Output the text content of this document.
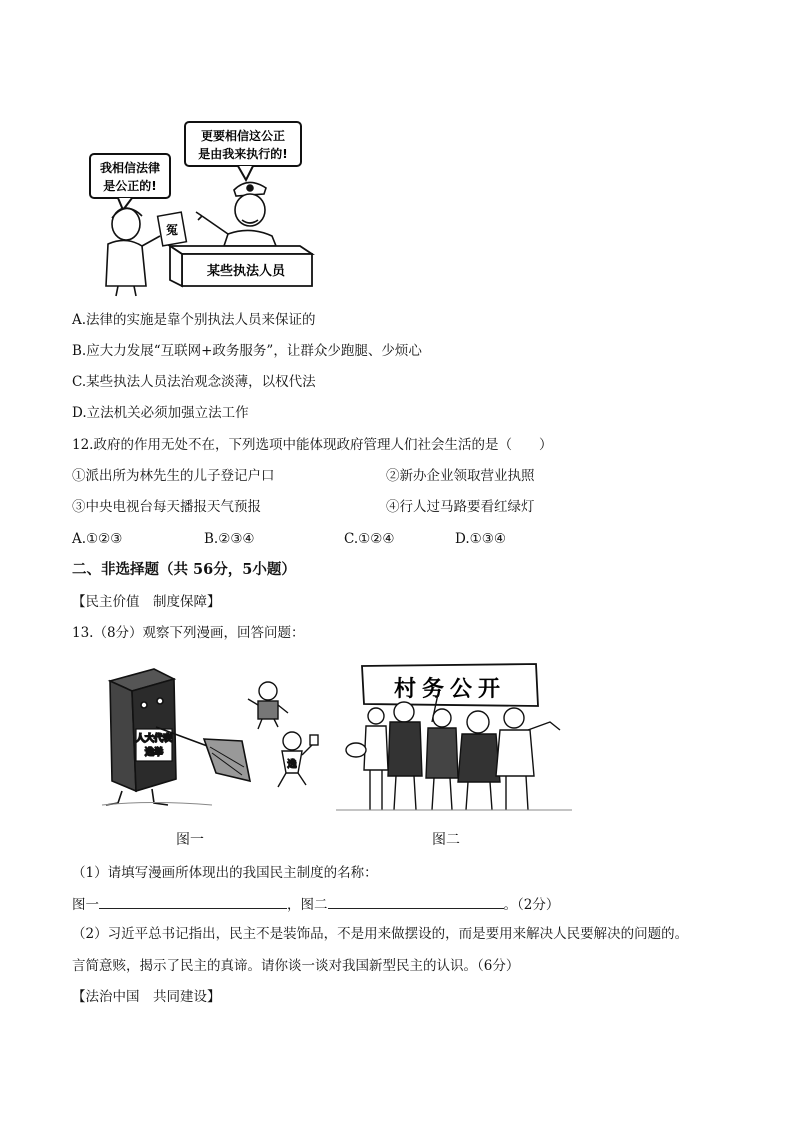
更要相信这公正
是由我来执行的!
我相信法律
是公正的!
冤
某些执法人员
A.法律的实施是靠个别执法人员来保证的
B.应大力发展“互联网+政务服务”，让群众少跑腿、少烦心
C.某些执法人员法治观念淡薄，以权代法
D.立法机关必须加强立法工作
12.政府的作用无处不在，下列选项中能体现政府管理人们社会生活的是（　　）
①派出所为林先生的儿子登记户口	②新办企业领取营业执照
③中央电视台每天播报天气预报	④行人过马路要看红绿灯
A.①②③	B.②③④	C.①②④	D.①③④
二、非选择题（共 56分，5小题）
【民主价值　制度保障】
13.（8分）观察下列漫画，回答问题：
人大代表
选举
选
村务公开
图一	图二
（1）请填写漫画所体现出的我国民主制度的名称：
图一	，图二	。（2分）
（2）习近平总书记指出，民主不是装饰品，不是用来做摆设的，而是要用来解决人民要解决的问题的。
言简意赅，揭示了民主的真谛。请你谈一谈对我国新型民主的认识。（6分）
【法治中国　共同建设】
